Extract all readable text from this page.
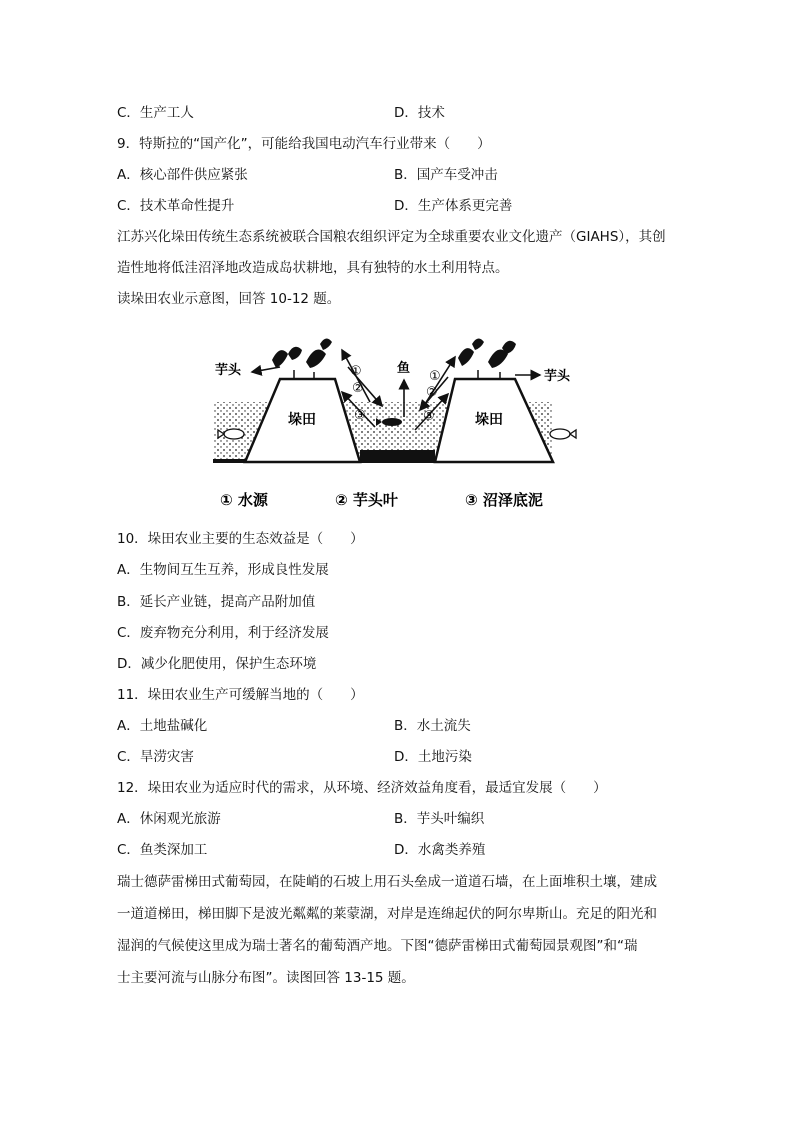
C．生产工人	D．技术
9．特斯拉的“国产化”，可能给我国电动汽车行业带来（　　）
A．核心部件供应紧张	B．国产车受冲击
C．技术革命性提升	D．生产体系更完善
江苏兴化垛田传统生态系统被联合国粮农组织评定为全球重要农业文化遗产（GIAHS），其创
造性地将低洼沼泽地改造成岛状耕地，具有独特的水土利用特点。
读垛田农业示意图，回答 10-12 题。
垛田	垛田
芋头	芋头
鱼
①
②
③
①
②
③
① 水源	② 芋头叶	③ 沼泽底泥
10．垛田农业主要的生态效益是（　　）
A．生物间互生互养，形成良性发展
B．延长产业链，提高产品附加值
C．废弃物充分利用，利于经济发展
D．减少化肥使用，保护生态环境
11．垛田农业生产可缓解当地的（　　）
A．土地盐碱化	B．水土流失
C．旱涝灾害	D．土地污染
12．垛田农业为适应时代的需求，从环境、经济效益角度看，最适宜发展（　　）
A．休闲观光旅游	B．芋头叶编织
C．鱼类深加工	D．水禽类养殖
瑞士德萨雷梯田式葡萄园，在陡峭的石坡上用石头垒成一道道石墙，在上面堆积土壤，建成
一道道梯田，梯田脚下是波光粼粼的莱蒙湖，对岸是连绵起伏的阿尔卑斯山。充足的阳光和
湿润的气候使这里成为瑞士著名的葡萄酒产地。下图“德萨雷梯田式葡萄园景观图”和“瑞
士主要河流与山脉分布图”。读图回答 13-15 题。
